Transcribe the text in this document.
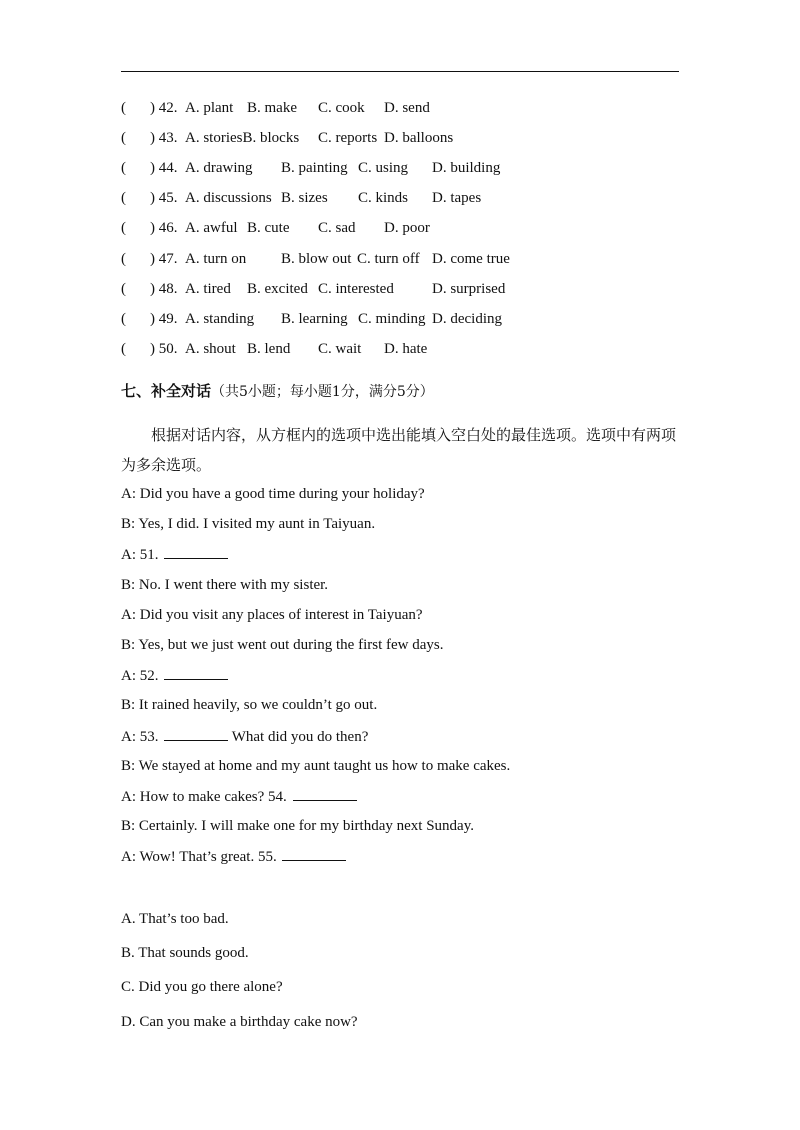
( ) 42. A. plant B. make C. cook D. send
( ) 43. A. storiesB. blocks C. reports D. balloons
( ) 44. A. drawing B. painting C. using D. building
( ) 45. A. discussions B. sizes C. kinds D. tapes
( ) 46. A. awful B. cute C. sad D. poor
( ) 47. A. turn on B. blow out C. turn off D. come true
( ) 48. A. tired B. excited C. interested	D. surprised
( ) 49. A. standing B. learning C. minding D. deciding
( ) 50. A. shout B. lend C. wait D. hate
七、补全对话（共5小题；每小题1分，满分5分）
根据对话内容，从方框内的选项中选出能填入空白处的最佳选项。选项中有两项为多余选项。
A: Did you have a good time during your holiday?
B: Yes, I did. I visited my aunt in Taiyuan.
A: 51.
B: No. I went there with my sister.
A: Did you visit any places of interest in Taiyuan?
B: Yes, but we just went out during the first few days.
A: 52.
B: It rained heavily, so we couldn’t go out.
A: 53.	What did you do then?
B: We stayed at home and my aunt taught us how to make cakes.
A: How to make cakes? 54.
B: Certainly. I will make one for my birthday next Sunday.
A: Wow! That’s great. 55.
A. That’s too bad.
B. That sounds good.
C. Did you go there alone?
D. Can you make a birthday cake now?
